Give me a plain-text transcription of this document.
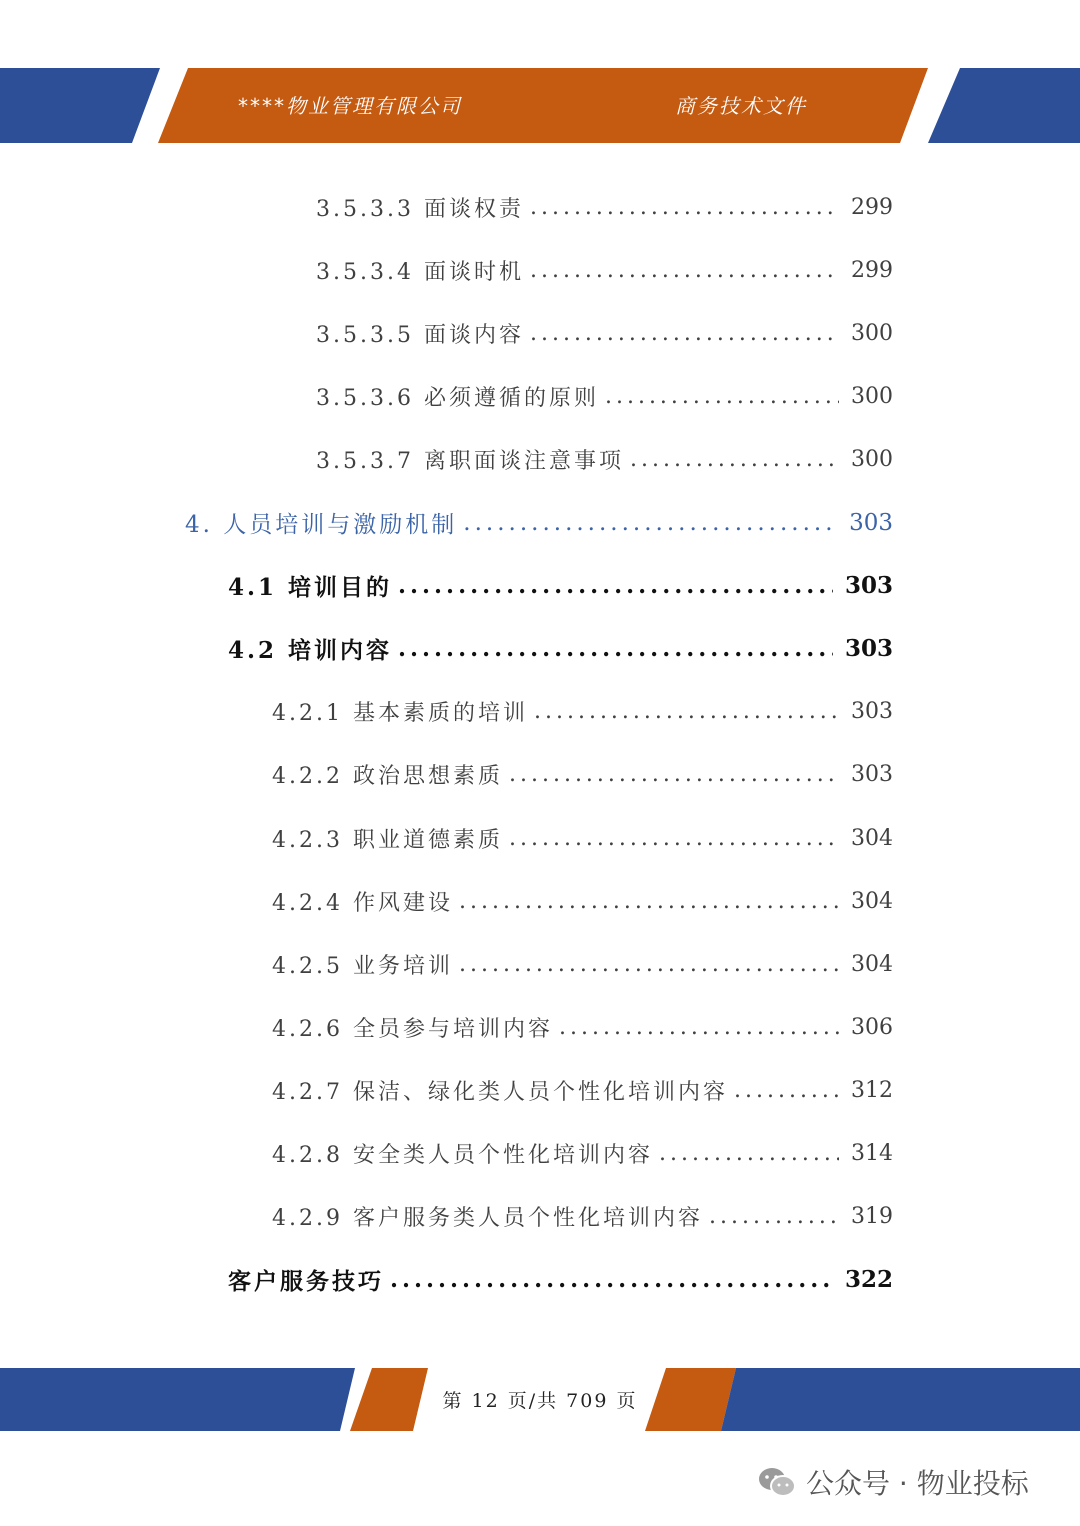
****物业管理有限公司	商务技术文件
3.5.3.3 面谈权责 .....	299
3.5.3.4 面谈时机 .....	299
3.5.3.5 面谈内容 .....	300
3.5.3.6 必须遵循的原则 .....	300
3.5.3.7 离职面谈注意事项 .....	300
4. 人员培训与激励机制 .....	303
4.1 培训目的 .....	303
4.2 培训内容 .....	303
4.2.1 基本素质的培训 .....	303
4.2.2 政治思想素质 .....	303
4.2.3 职业道德素质 .....	304
4.2.4 作风建设 .....	304
4.2.5 业务培训 .....	304
4.2.6 全员参与培训内容 .....	306
4.2.7 保洁、绿化类人员个性化培训内容 .....	312
4.2.8 安全类人员个性化培训内容 .....	314
4.2.9 客户服务类人员个性化培训内容 .....	319
客户服务技巧 .....	322
第 12 页/共 709 页
公众号 · 物业投标
